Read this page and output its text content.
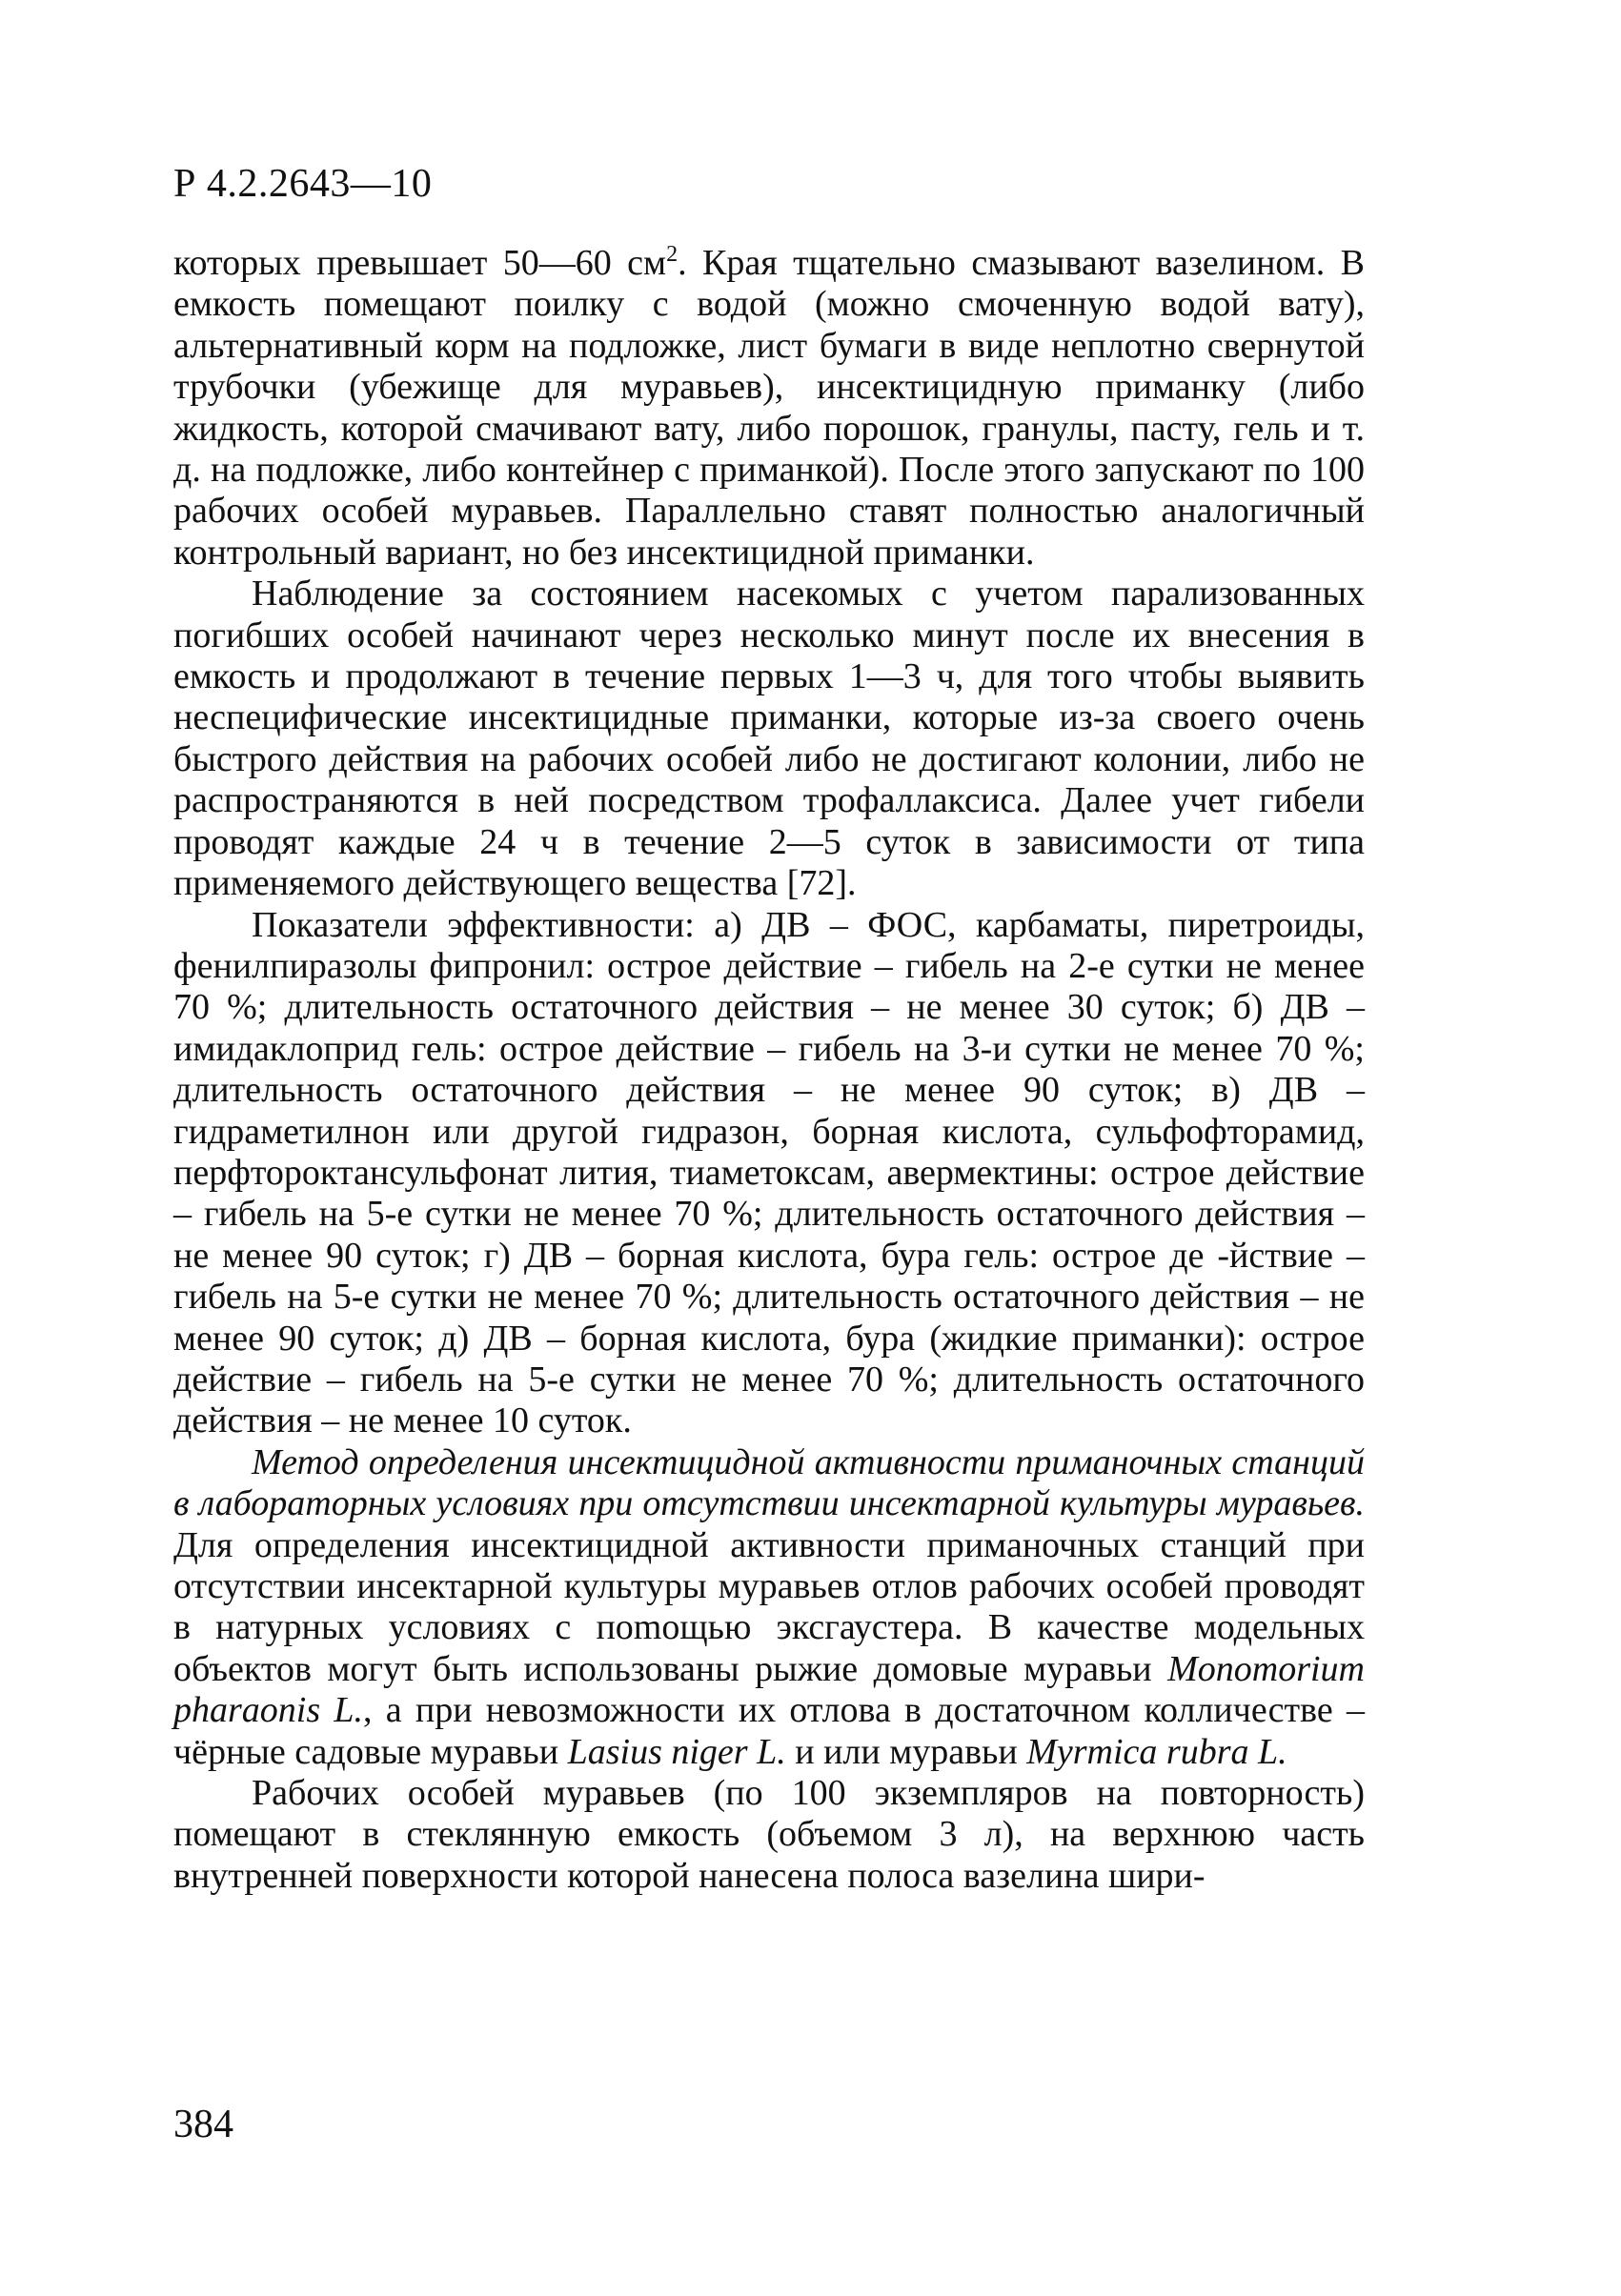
Р 4.2.2643—10

которых превышает 50—60 $см^2$. Края тщательно смазывают вазелином. В емкость помещают поилку с водой (можно смоченную водой вату), альтернативный корм на подложке, лист бумаги в виде неплотно свернутой трубочки (убежище для муравьев), инсектицидную приманку (либо жидкость, которой смачивают вату, либо порошок, гранулы, пасту, гель и т. д. на подложке, либо контейнер с приманкой). После этого запускают по 100 рабочих особей муравьев. Параллельно ставят полностью аналогичный контрольный вариант, но без инсектицидной приманки.

Наблюдение за состоянием насекомых с учетом парализованных погибших особей начинают через несколько минут после их внесения в емкость и продолжают в течение первых 1—3 ч, для того чтобы выявить неспецифические инсектицидные приманки, которые из-за своего очень быстрого действия на рабочих особей либо не достигают колонии, либо не распространяются в ней посредством трофаллаксиса. Далее учет гибели проводят каждые 24 ч в течение 2—5 суток в зависимости от типа применяемого действующего вещества [72].

Показатели эффективности: а) ДВ – ФОС, карбаматы, пиретроиды, фенилпиразолы фипронил: острое действие – гибель на 2-е сутки не менее 70 %; длительность остаточного действия – не менее 30 суток; б) ДВ – имидаклоприд гель: острое действие – гибель на 3-и сутки не менее 70 %; длительность остаточного действия – не менее 90 суток; в) ДВ – гидраметилнон или другой гидразон, борная кислота, сульфофторамид, перфтороктансульфонат лития, тиаметоксам, авермектины: острое действие – гибель на 5-е сутки не менее 70 %; длительность остаточного действия – не менее 90 суток; г) ДВ – борная кислота, бура гель: острое де -йствие – гибель на 5-е сутки не менее 70 %; длительность остаточного действия – не менее 90 суток; д) ДВ – борная кислота, бура (жидкие приманки): острое действие – гибель на 5-е сутки не менее 70 %; длительность остаточного действия – не менее 10 суток.

Метод определения инсектицидной активности приманочных станций в лабораторных условиях при отсутствии инсектарной культуры муравьев. Для определения инсектицидной активности приманочных станций при отсутствии инсектарной культуры муравьев отлов рабочих особей проводят в натурных условиях с поmощью эксгаустера. В качестве модельных объектов могут быть использованы рыжие домовые муравьи Monomorium pharaonis L., а при невозможности их отлова в достаточном колличестве – чёрные садовые муравьи Lasius niger L. и или муравьи Myrmica rubra L.

Рабочих особей муравьев (по 100 экземпляров на повторность) помещают в стеклянную емкость (объемом 3 л), на верхнюю часть внутренней поверхности которой нанесена полоса вазелина шири-

384
